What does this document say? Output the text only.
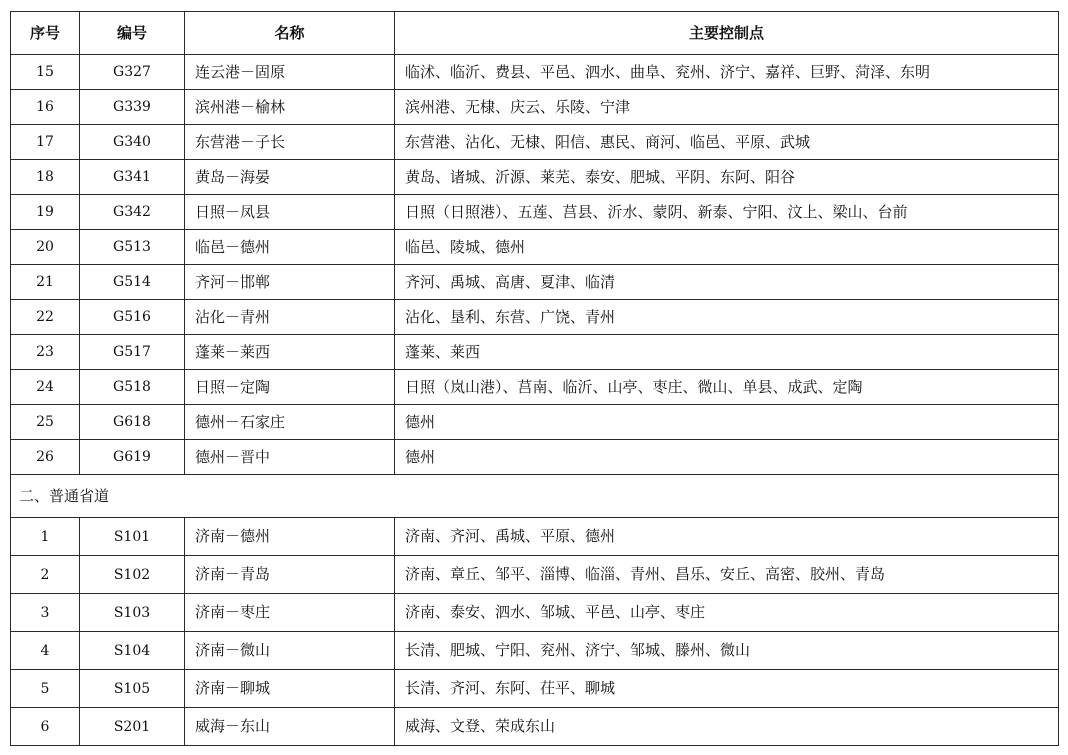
序号	编号	名称	主要控制点
15	G327	连云港－固原	临沭、临沂、费县、平邑、泗水、曲阜、兖州、济宁、嘉祥、巨野、菏泽、东明
16	G339	滨州港－榆林	滨州港、无棣、庆云、乐陵、宁津
17	G340	东营港－子长	东营港、沾化、无棣、阳信、惠民、商河、临邑、平原、武城
18	G341	黄岛－海晏	黄岛、诸城、沂源、莱芜、泰安、肥城、平阴、东阿、阳谷
19	G342	日照－凤县	日照（日照港）、五莲、莒县、沂水、蒙阴、新泰、宁阳、汶上、梁山、台前
20	G513	临邑－德州	临邑、陵城、德州
21	G514	齐河－邯郸	齐河、禹城、高唐、夏津、临清
22	G516	沾化－青州	沾化、垦利、东营、广饶、青州
23	G517	蓬莱－莱西	蓬莱、莱西
24	G518	日照－定陶	日照（岚山港）、莒南、临沂、山亭、枣庄、微山、单县、成武、定陶
25	G618	德州－石家庄	德州
26	G619	德州－晋中	德州
二、普通省道			
1	S101	济南－德州	济南、齐河、禹城、平原、德州
2	S102	济南－青岛	济南、章丘、邹平、淄博、临淄、青州、昌乐、安丘、高密、胶州、青岛
3	S103	济南－枣庄	济南、泰安、泗水、邹城、平邑、山亭、枣庄
4	S104	济南－微山	长清、肥城、宁阳、兖州、济宁、邹城、滕州、微山
5	S105	济南－聊城	长清、齐河、东阿、茌平、聊城
6	S201	威海－东山	威海、文登、荣成东山
